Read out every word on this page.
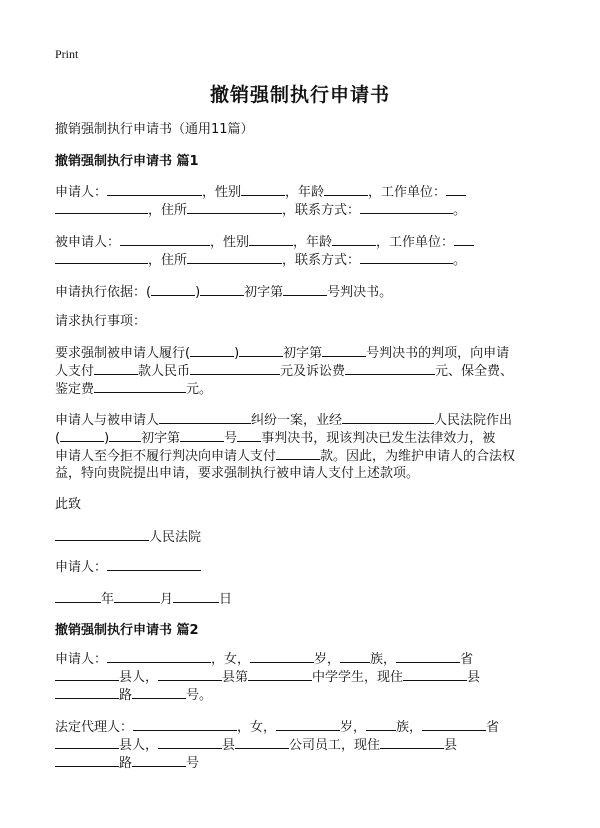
Print
撤销强制执行申请书
撤销强制执行申请书（通用11篇）
撤销强制执行申请书 篇1
申请人：	，性别	，年龄	，工作单位：
，住所	，联系方式：	。
被申请人：	，性别	，年龄	，工作单位：
，住所	，联系方式：	。
申请执行依据：(	)	初字第	号判决书。
请求执行事项：
要求强制被申请人履行(	)	初字第	号判决书的判项，向申请
人支付	款人民币	元及诉讼费	元、保全费、
鉴定费	元。
申请人与被申请人	纠纷一案，业经	人民法院作出
(	) 初字第	号 事判决书，现该判决已发生法律效力，被
申请人至今拒不履行判决向申请人支付	款。因此，为维护申请人的合法权
益，特向贵院提出申请，要求强制执行被申请人支付上述款项。
此致
人民法院
申请人：
年	月	日
撤销强制执行申请书 篇2
申请人：	，女，	岁， 族，	省
县人，	县第	中学学生，现住	县
路	号。
法定代理人：	，女，	岁， 族，	省
县人，	县	公司员工，现住	县
路	号
